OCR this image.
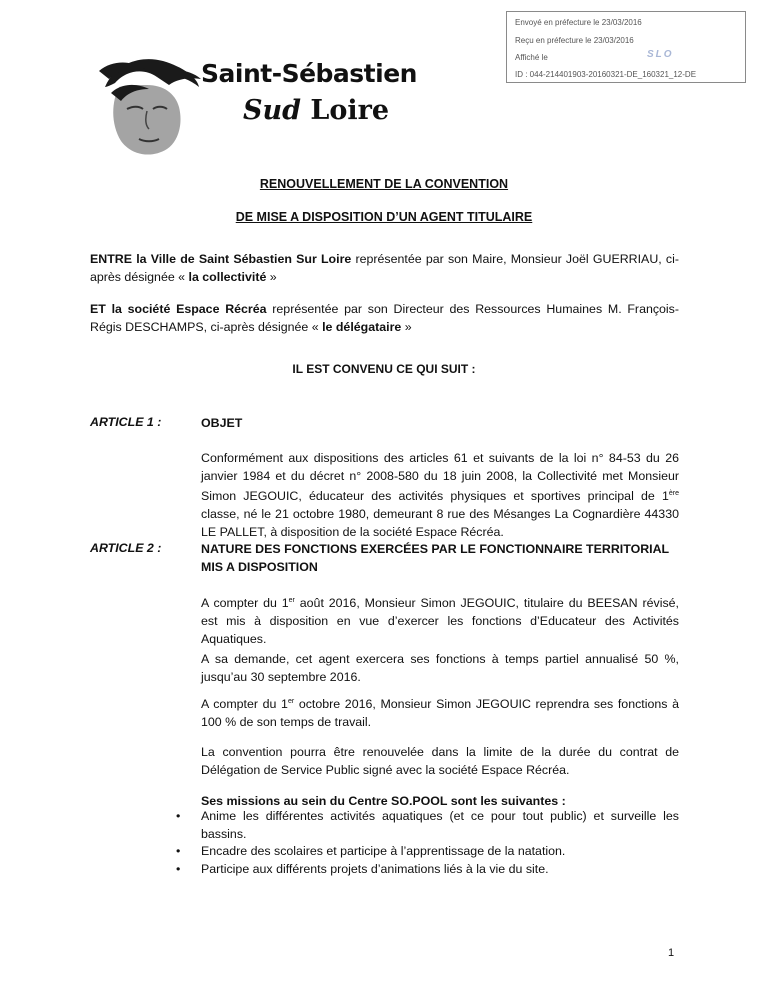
Envoyé en préfecture le 23/03/2016
Reçu en préfecture le 23/03/2016
Affiché le	SLO
ID : 044-214401903-20160321-DE_160321_12-DE
Saint-Sébastien
Sud Loire
RENOUVELLEMENT DE LA CONVENTION
DE MISE A DISPOSITION D’UN AGENT TITULAIRE
ENTRE la Ville de Saint Sébastien Sur Loire représentée par son Maire, Monsieur Joël GUERRIAU, ci-après désignée « la collectivité »
ET la société Espace Récréa représentée par son Directeur des Ressources Humaines M. François-Régis DESCHAMPS, ci-après désignée « le délégataire »
IL EST CONVENU CE QUI SUIT :
ARTICLE 1 :	OBJET
Conformément aux dispositions des articles 61 et suivants de la loi n° 84-53 du 26 janvier 1984 et du décret n° 2008-580 du 18 juin 2008, la Collectivité met Monsieur Simon JEGOUIC, éducateur des activités physiques et sportives principal de 1ère classe, né le 21 octobre 1980, demeurant 8 rue des Mésanges La Cognardière 44330 LE PALLET, à disposition de la société Espace Récréa.
ARTICLE 2 :	NATURE DES FONCTIONS EXERCÉES PAR LE FONCTIONNAIRE TERRITORIAL MIS A DISPOSITION
A compter du 1er août 2016, Monsieur Simon JEGOUIC, titulaire du BEESAN révisé, est mis à disposition en vue d’exercer les fonctions d’Educateur des Activités Aquatiques.
A sa demande, cet agent exercera ses fonctions à temps partiel annualisé 50 %, jusqu’au 30 septembre 2016.
A compter du 1er octobre 2016, Monsieur Simon JEGOUIC reprendra ses fonctions à 100 % de son temps de travail.
La convention pourra être renouvelée dans la limite de la durée du contrat de Délégation de Service Public signé avec la société Espace Récréa.
Ses missions au sein du Centre SO.POOL sont les suivantes :
•	Anime les différentes activités aquatiques (et ce pour tout public) et surveille les bassins.
•	Encadre des scolaires et participe à l’apprentissage de la natation.
•	Participe aux différents projets d’animations liés à la vie du site.
1
